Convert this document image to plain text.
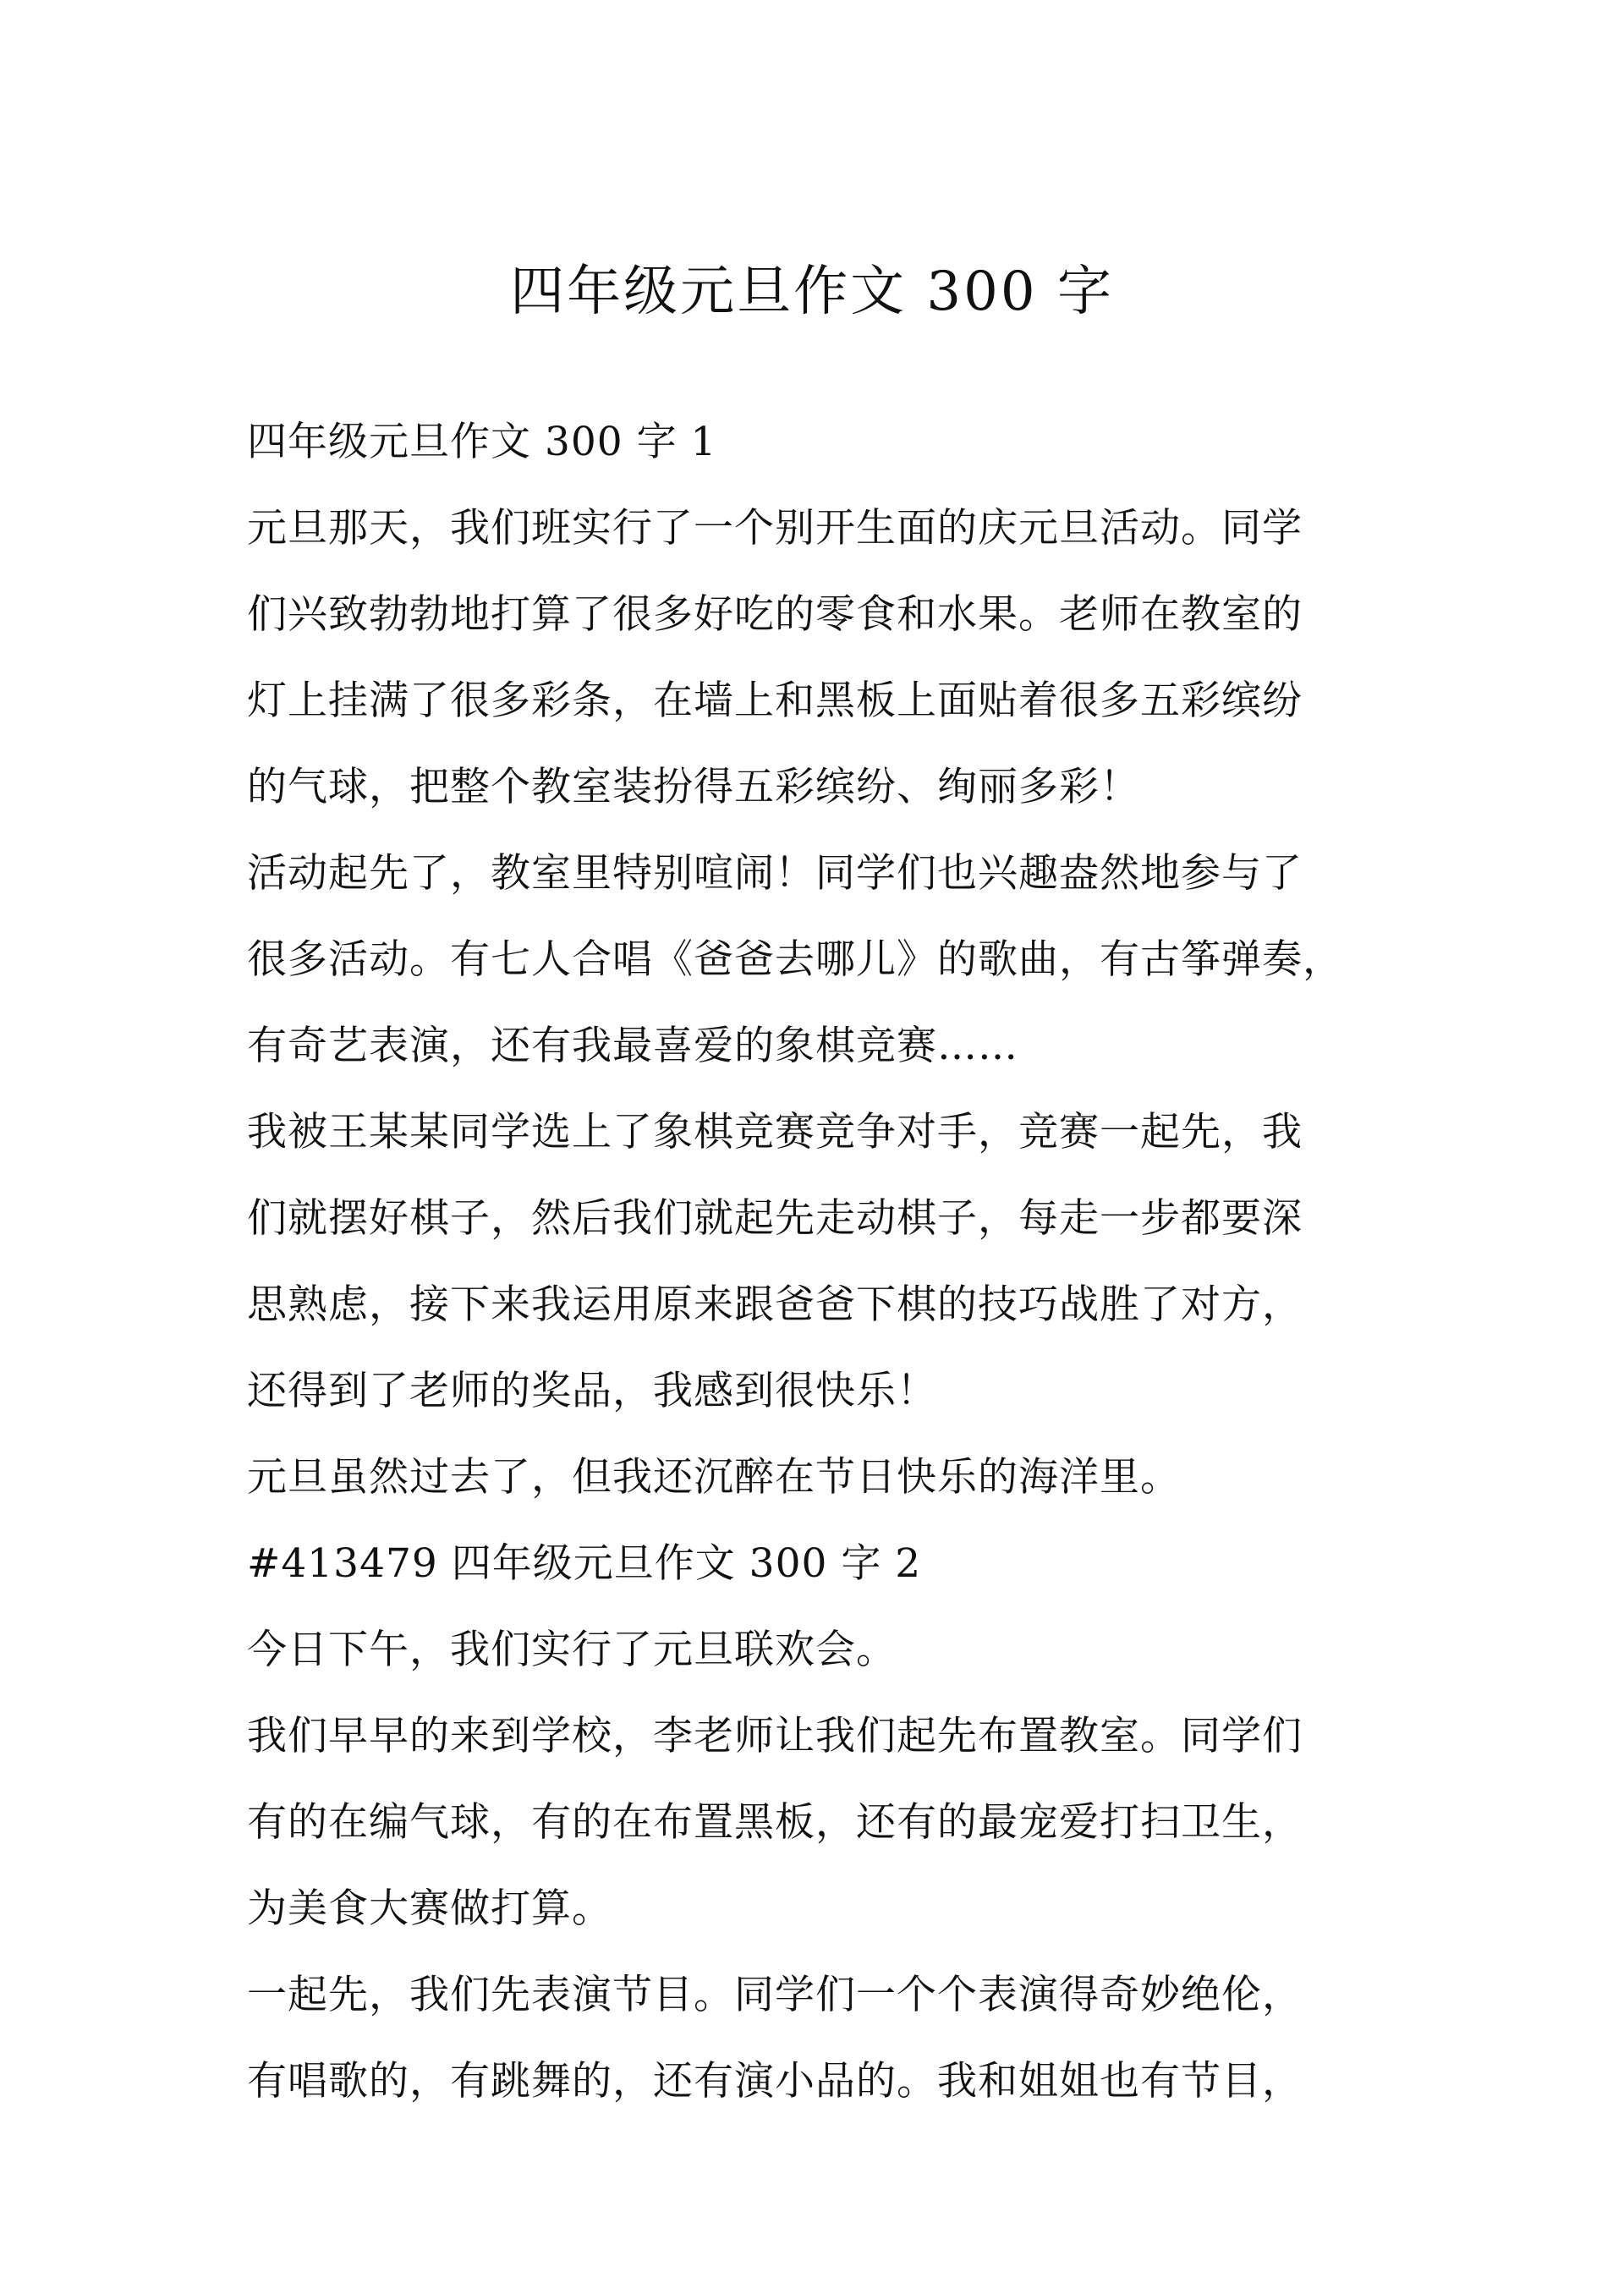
四年级元旦作文 300 字
四年级元旦作文 300 字 1
元旦那天，我们班实行了一个别开生面的庆元旦活动。同学
们兴致勃勃地打算了很多好吃的零食和水果。老师在教室的
灯上挂满了很多彩条，在墙上和黑板上面贴着很多五彩缤纷
的气球，把整个教室装扮得五彩缤纷、绚丽多彩！
活动起先了，教室里特别喧闹！同学们也兴趣盎然地参与了
很多活动。有七人合唱《爸爸去哪儿》的歌曲，有古筝弹奏，
有奇艺表演，还有我最喜爱的象棋竞赛……
我被王某某同学选上了象棋竞赛竞争对手，竞赛一起先，我
们就摆好棋子，然后我们就起先走动棋子，每走一步都要深
思熟虑，接下来我运用原来跟爸爸下棋的技巧战胜了对方，
还得到了老师的奖品，我感到很快乐！
元旦虽然过去了，但我还沉醉在节日快乐的海洋里。
#413479 四年级元旦作文 300 字 2
今日下午，我们实行了元旦联欢会。
我们早早的来到学校，李老师让我们起先布置教室。同学们
有的在编气球，有的在布置黑板，还有的最宠爱打扫卫生，
为美食大赛做打算。
一起先，我们先表演节目。同学们一个个表演得奇妙绝伦，
有唱歌的，有跳舞的，还有演小品的。我和姐姐也有节目，
